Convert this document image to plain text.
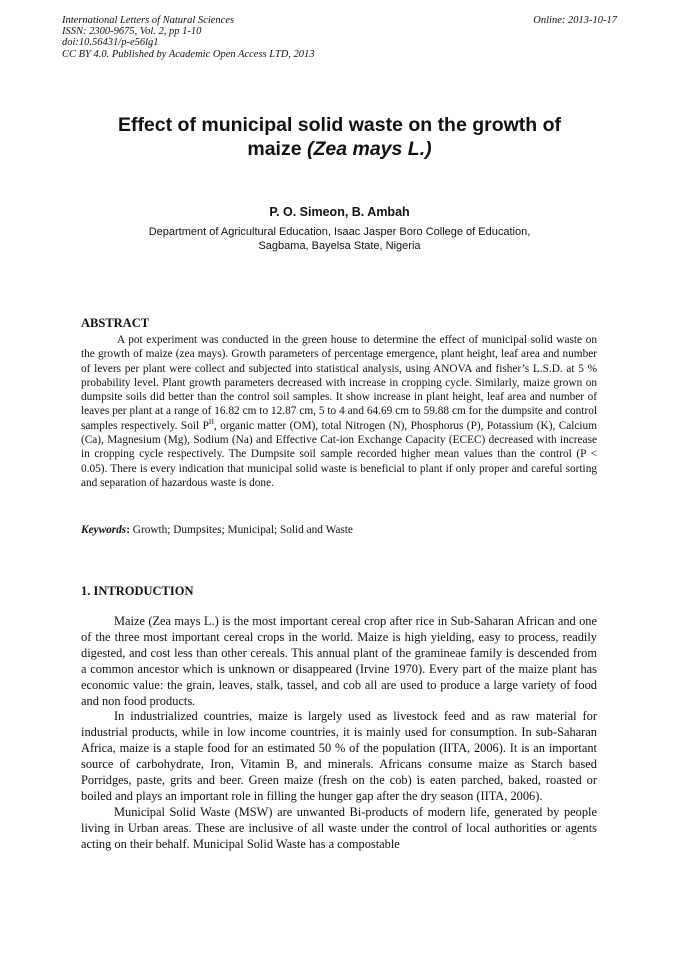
International Letters of Natural Sciences
ISSN: 2300-9675, Vol. 2, pp 1-10
doi:10.56431/p-e56lg1
CC BY 4.0. Published by Academic Open Access LTD, 2013
Online: 2013-10-17
Effect of municipal solid waste on the growth of
maize (Zea mays L.)
P. O. Simeon, B. Ambah
Department of Agricultural Education, Isaac Jasper Boro College of Education,
Sagbama, Bayelsa State, Nigeria
ABSTRACT

A pot experiment was conducted in the green house to determine the effect of municipal solid waste on the growth of maize (zea mays). Growth parameters of percentage emergence, plant height, leaf area and number of levers per plant were collect and subjected into statistical analysis, using ANOVA and fisher’s L.S.D. at 5 % probability level. Plant growth parameters decreased with increase in cropping cycle. Similarly, maize grown on dumpsite soils did better than the control soil samples. It show increase in plant height, leaf area and number of leaves per plant at a range of 16.82 cm to 12.87 cm, 5 to 4 and 64.69 cm to 59.88 cm for the dumpsite and control samples respectively. Soil $P^H$, organic matter (OM), total Nitrogen (N), Phosphorus (P), Potassium (K), Calcium (Ca), Magnesium (Mg), Sodium (Na) and Effective Cat-ion Exchange Capacity (ECEC) decreased with increase in cropping cycle respectively. The Dumpsite soil sample recorded higher mean values than the control (P < 0.05). There is every indication that municipal solid waste is beneficial to plant if only proper and careful sorting and separation of hazardous waste is done.

Keywords: Growth; Dumpsites; Municipal; Solid and Waste
1. INTRODUCTION

Maize (Zea mays L.) is the most important cereal crop after rice in Sub-Saharan African and one of the three most important cereal crops in the world. Maize is high yielding, easy to process, readily digested, and cost less than other cereals. This annual plant of the gramineae family is descended from a common ancestor which is unknown or disappeared (Irvine 1970). Every part of the maize plant has economic value: the grain, leaves, stalk, tassel, and cob all are used to produce a large variety of food and non food products.

In industrialized countries, maize is largely used as livestock feed and as raw material for industrial products, while in low income countries, it is mainly used for consumption. In sub-Saharan Africa, maize is a staple food for an estimated 50 % of the population (IITA, 2006). It is an important source of carbohydrate, Iron, Vitamin B, and minerals. Africans consume maize as Starch based Porridges, paste, grits and beer. Green maize (fresh on the cob) is eaten parched, baked, roasted or boiled and plays an important role in filling the hunger gap after the dry season (IITA, 2006).

Municipal Solid Waste (MSW) are unwanted Bi-products of modern life, generated by people living in Urban areas. These are inclusive of all waste under the control of local authorities or agents acting on their behalf. Municipal Solid Waste has a compostable
